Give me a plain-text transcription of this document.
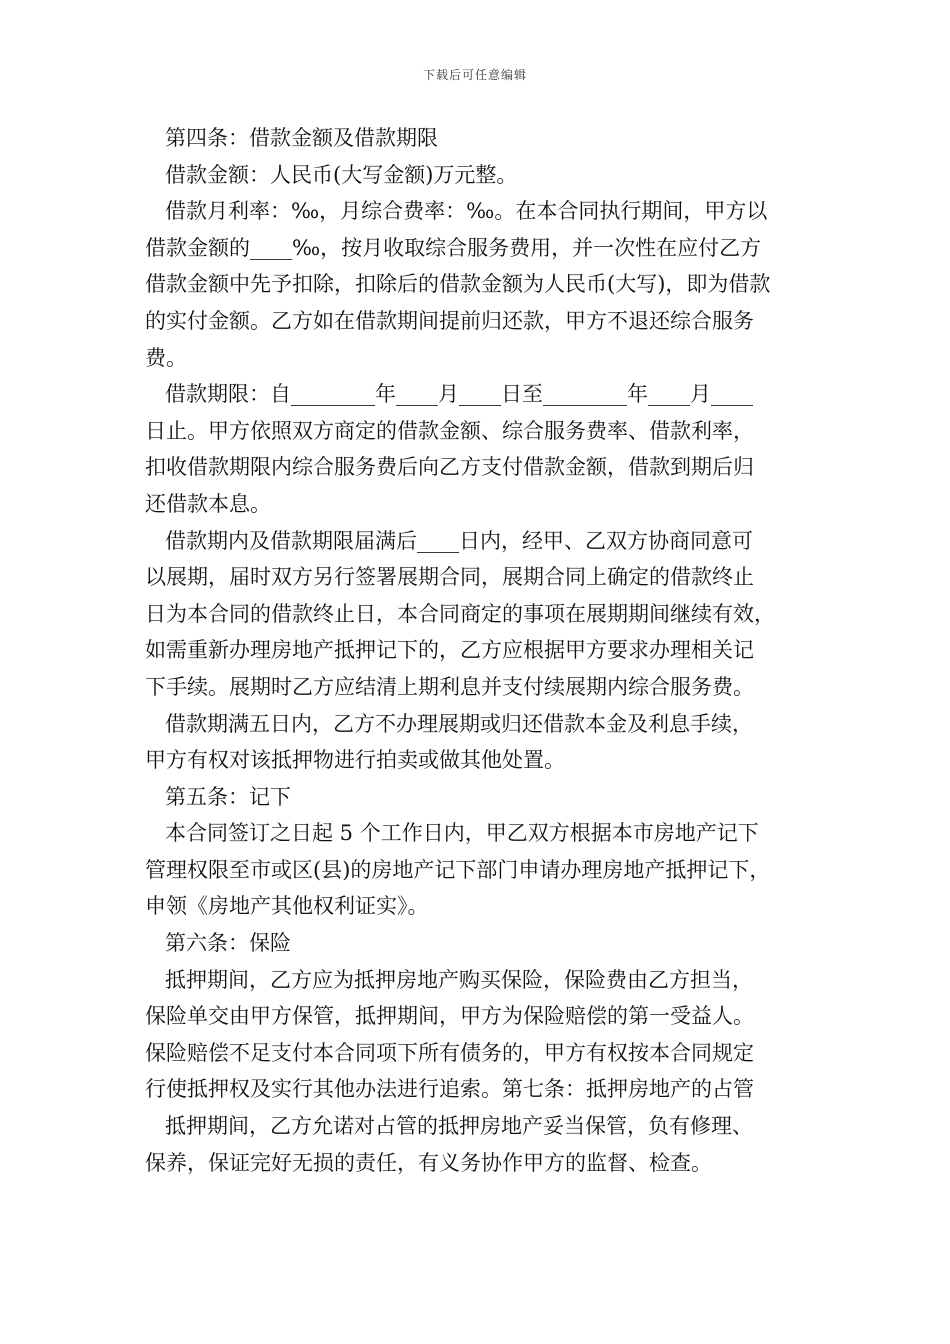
下载后可任意编辑
第四条：借款金额及借款期限
借款金额：人民币(大写金额)万元整。
借款月利率：‰，月综合费率：‰。在本合同执行期间，甲方以
借款金额的____‰，按月收取综合服务费用，并一次性在应付乙方
借款金额中先予扣除，扣除后的借款金额为人民币(大写)，即为借款
的实付金额。乙方如在借款期间提前归还款，甲方不退还综合服务
费。
借款期限：自________年____月____日至________年____月____
日止。甲方依照双方商定的借款金额、综合服务费率、借款利率，
扣收借款期限内综合服务费后向乙方支付借款金额，借款到期后归
还借款本息。
借款期内及借款期限届满后____日内，经甲、乙双方协商同意可
以展期，届时双方另行签署展期合同，展期合同上确定的借款终止
日为本合同的借款终止日，本合同商定的事项在展期期间继续有效，
如需重新办理房地产抵押记下的，乙方应根据甲方要求办理相关记
下手续。展期时乙方应结清上期利息并支付续展期内综合服务费。
借款期满五日内，乙方不办理展期或归还借款本金及利息手续，
甲方有权对该抵押物进行拍卖或做其他处置。
第五条：记下
本合同签订之日起 5 个工作日内，甲乙双方根据本市房地产记下
管理权限至市或区(县)的房地产记下部门申请办理房地产抵押记下，
申领《房地产其他权利证实》。
第六条：保险
抵押期间，乙方应为抵押房地产购买保险，保险费由乙方担当，
保险单交由甲方保管，抵押期间，甲方为保险赔偿的第一受益人。
保险赔偿不足支付本合同项下所有债务的，甲方有权按本合同规定
行使抵押权及实行其他办法进行追索。第七条：抵押房地产的占管
抵押期间，乙方允诺对占管的抵押房地产妥当保管，负有修理、
保养，保证完好无损的责任，有义务协作甲方的监督、检查。
